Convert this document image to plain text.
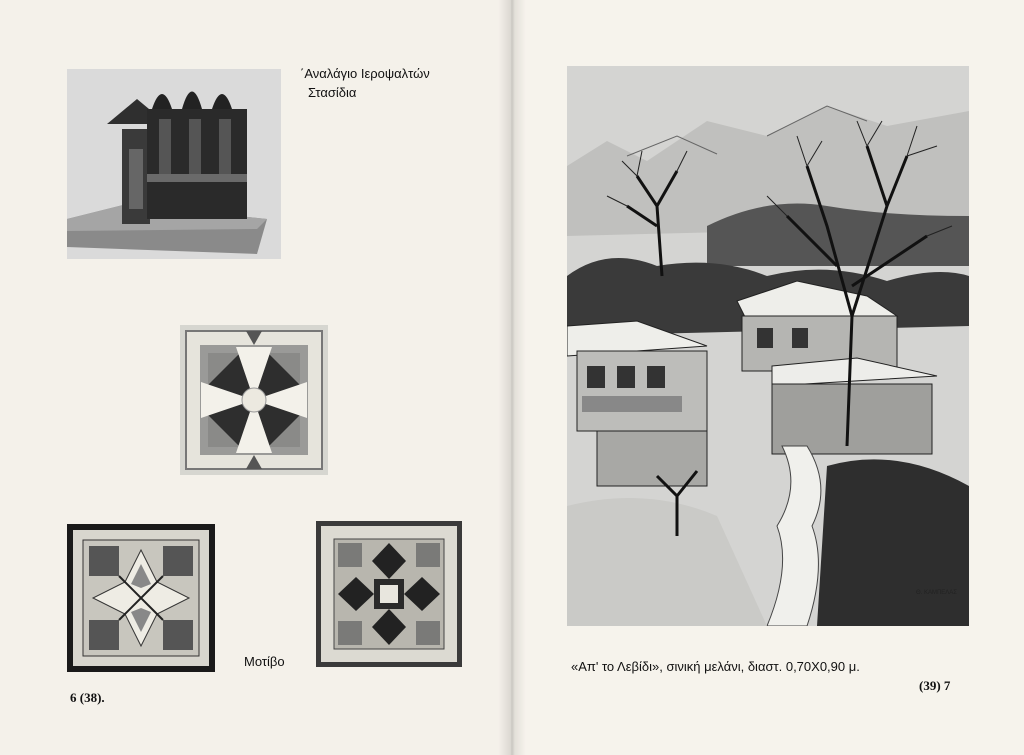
΄Αναλάγιο Ιεροψαλτών
Στασίδια
Μοτίβο
6 (38).
Θ. ΚΑΜΠΕΛΑΣ
«Απ' το Λεβίδι», σινική μελάνι, διαστ. 0,70Χ0,90 μ.
(39) 7
